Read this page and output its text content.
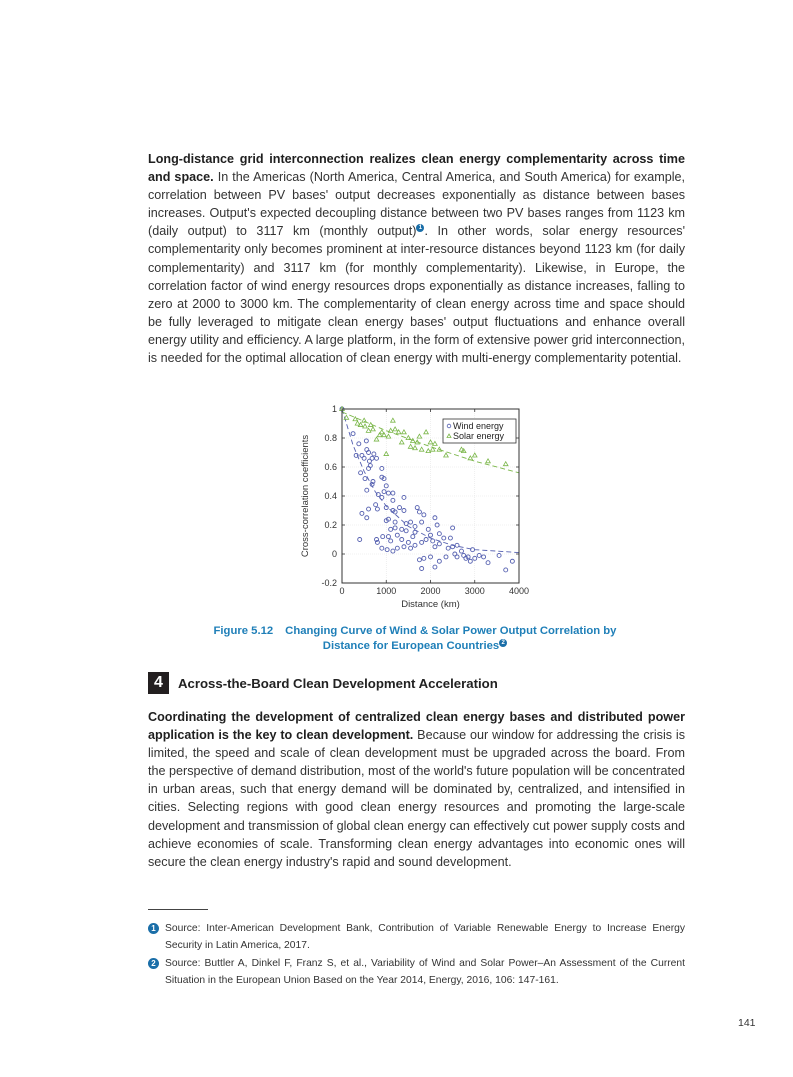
Long-distance grid interconnection realizes clean energy complementarity across time and space. In the Americas (North America, Central America, and South America) for example, correlation between PV bases' output decreases exponentially as distance between bases increases. Output's expected decoupling distance between two PV bases ranges from 1123 km (daily output) to 3117 km (monthly output) $^1$ . In other words, solar energy resources' complementarity only becomes prominent at inter-resource distances beyond 1123 km (for daily complementarity) and 3117 km (for monthly complementarity). Likewise, in Europe, the correlation factor of wind energy resources drops exponentially as distance increases, falling to zero at 2000 to 3000 km. The complementarity of clean energy across time and space should be fully leveraged to mitigate clean energy bases' output fluctuations and enhance overall energy utility and efficiency. A large platform, in the form of extensive power grid interconnection, is needed for the optimal allocation of clean energy with multi-energy complementarity potential.
0	1000	2000	3000	4000
-0.2
0
0.2
0.4
0.6
0.8
1
Cross-correlation coefficients
Distance (km)
Wind energy
Solar energy
Figure 5.12 Changing Curve of Wind & Solar Power Output Correlation by
Distance for European Countries $^2$
4	Across-the-Board Clean Development Acceleration
Coordinating the development of centralized clean energy bases and distributed power application is the key to clean development. Because our window for addressing the crisis is limited, the speed and scale of clean development must be upgraded across the board. From the perspective of demand distribution, most of the world's future population will be concentrated in urban areas, such that energy demand will be dominated by, centralized, and intensified in cities. Selecting regions with good clean energy resources and promoting the large-scale development and transmission of global clean energy can effectively cut power supply costs and achieve economies of scale. Transforming clean energy advantages into economic ones will secure the clean energy industry's rapid and sound development.
1 Source: Inter-American Development Bank, Contribution of Variable Renewable Energy to Increase Energy Security in Latin America, 2017.
2 Source: Buttler A, Dinkel F, Franz S, et al., Variability of Wind and Solar Power–An Assessment of the Current Situation in the European Union Based on the Year 2014, Energy, 2016, 106: 147-161.
141
